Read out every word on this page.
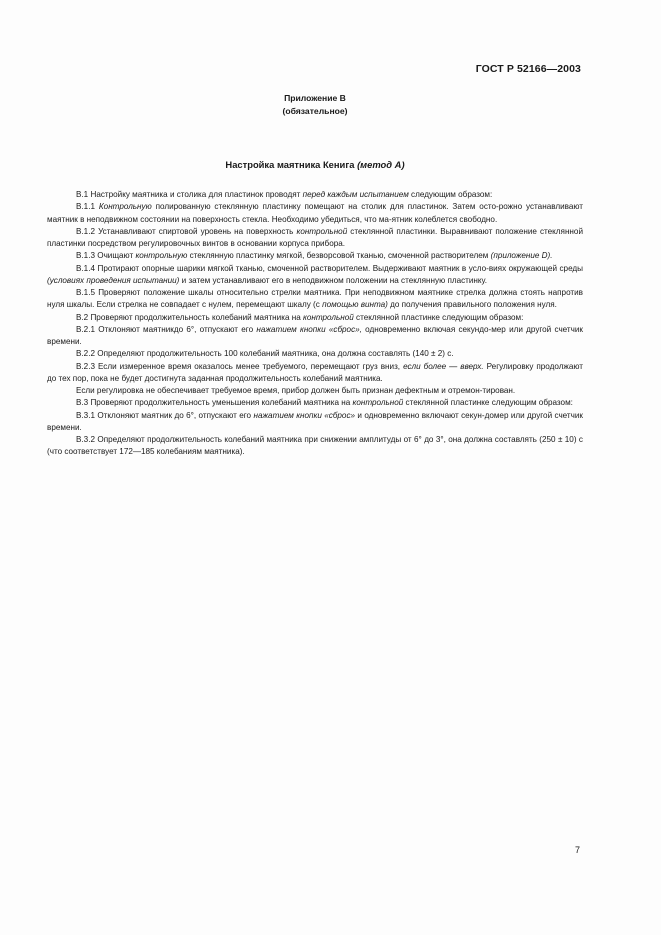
ГОСТ Р 52166—2003
Приложение В
(обязательное)
Настройка маятника Кенига (метод А)

В.1 Настройку маятника и столика для пластинок проводят перед каждым испытанием следующим образом:

В.1.1 Контрольную полированную стеклянную пластинку помещают на столик для пластинок. Затем осто-рожно устанавливают маятник в неподвижном состоянии на поверхность стекла. Необходимо убедиться, что ма-ятник колеблется свободно.

В.1.2 Устанавливают спиртовой уровень на поверхность контрольной стеклянной пластинки. Выравнивают положение стеклянной пластинки посредством регулировочных винтов в основании корпуса прибора.

В.1.3 Очищают контрольную стеклянную пластинку мягкой, безворсовой тканью, смоченной растворителем (приложение D).

В.1.4 Протирают опорные шарики мягкой тканью, смоченной растворителем. Выдерживают маятник в усло-виях окружающей среды (условиях проведения испытании) и затем устанавливают его в неподвижном положении на стеклянную пластинку.

В.1.5 Проверяют положение шкалы относительно стрелки маятника. При неподвижном маятнике стрелка должна стоять напротив нуля шкалы. Если стрелка не совпадает с нулем, перемещают шкалу (с помощью винта) до получения правильного положения нуля.

В.2 Проверяют продолжительность колебаний маятника на контрольной стеклянной пластинке следующим образом:

В.2.1 Отклоняют маятникдо 6°, отпускают его нажатием кнопки «сброс», одновременно включая секундо-мер или другой счетчик времени.

В.2.2 Определяют продолжительность 100 колебаний маятника, она должна составлять (140 ± 2) с.

В.2.3 Если измеренное время оказалось менее требуемого, перемещают груз вниз, если более — вверх. Регулировку продолжают до тех пор, пока не будет достигнута заданная продолжительность колебаний маятника.

Если регулировка не обеспечивает требуемое время, прибор должен быть признан дефектным и отремон-тирован.

В.3 Проверяют продолжительность уменьшения колебаний маятника на контрольной стеклянной пластинке следующим образом:

В.3.1 Отклоняют маятник до 6°, отпускают его нажатием кнопки «сброс» и одновременно включают секун-домер или другой счетчик времени.

В.3.2 Определяют продолжительность колебаний маятника при снижении амплитуды от 6° до 3°, она должна составлять (250 ± 10) с (что соответствует 172—185 колебаниям маятника).

7
